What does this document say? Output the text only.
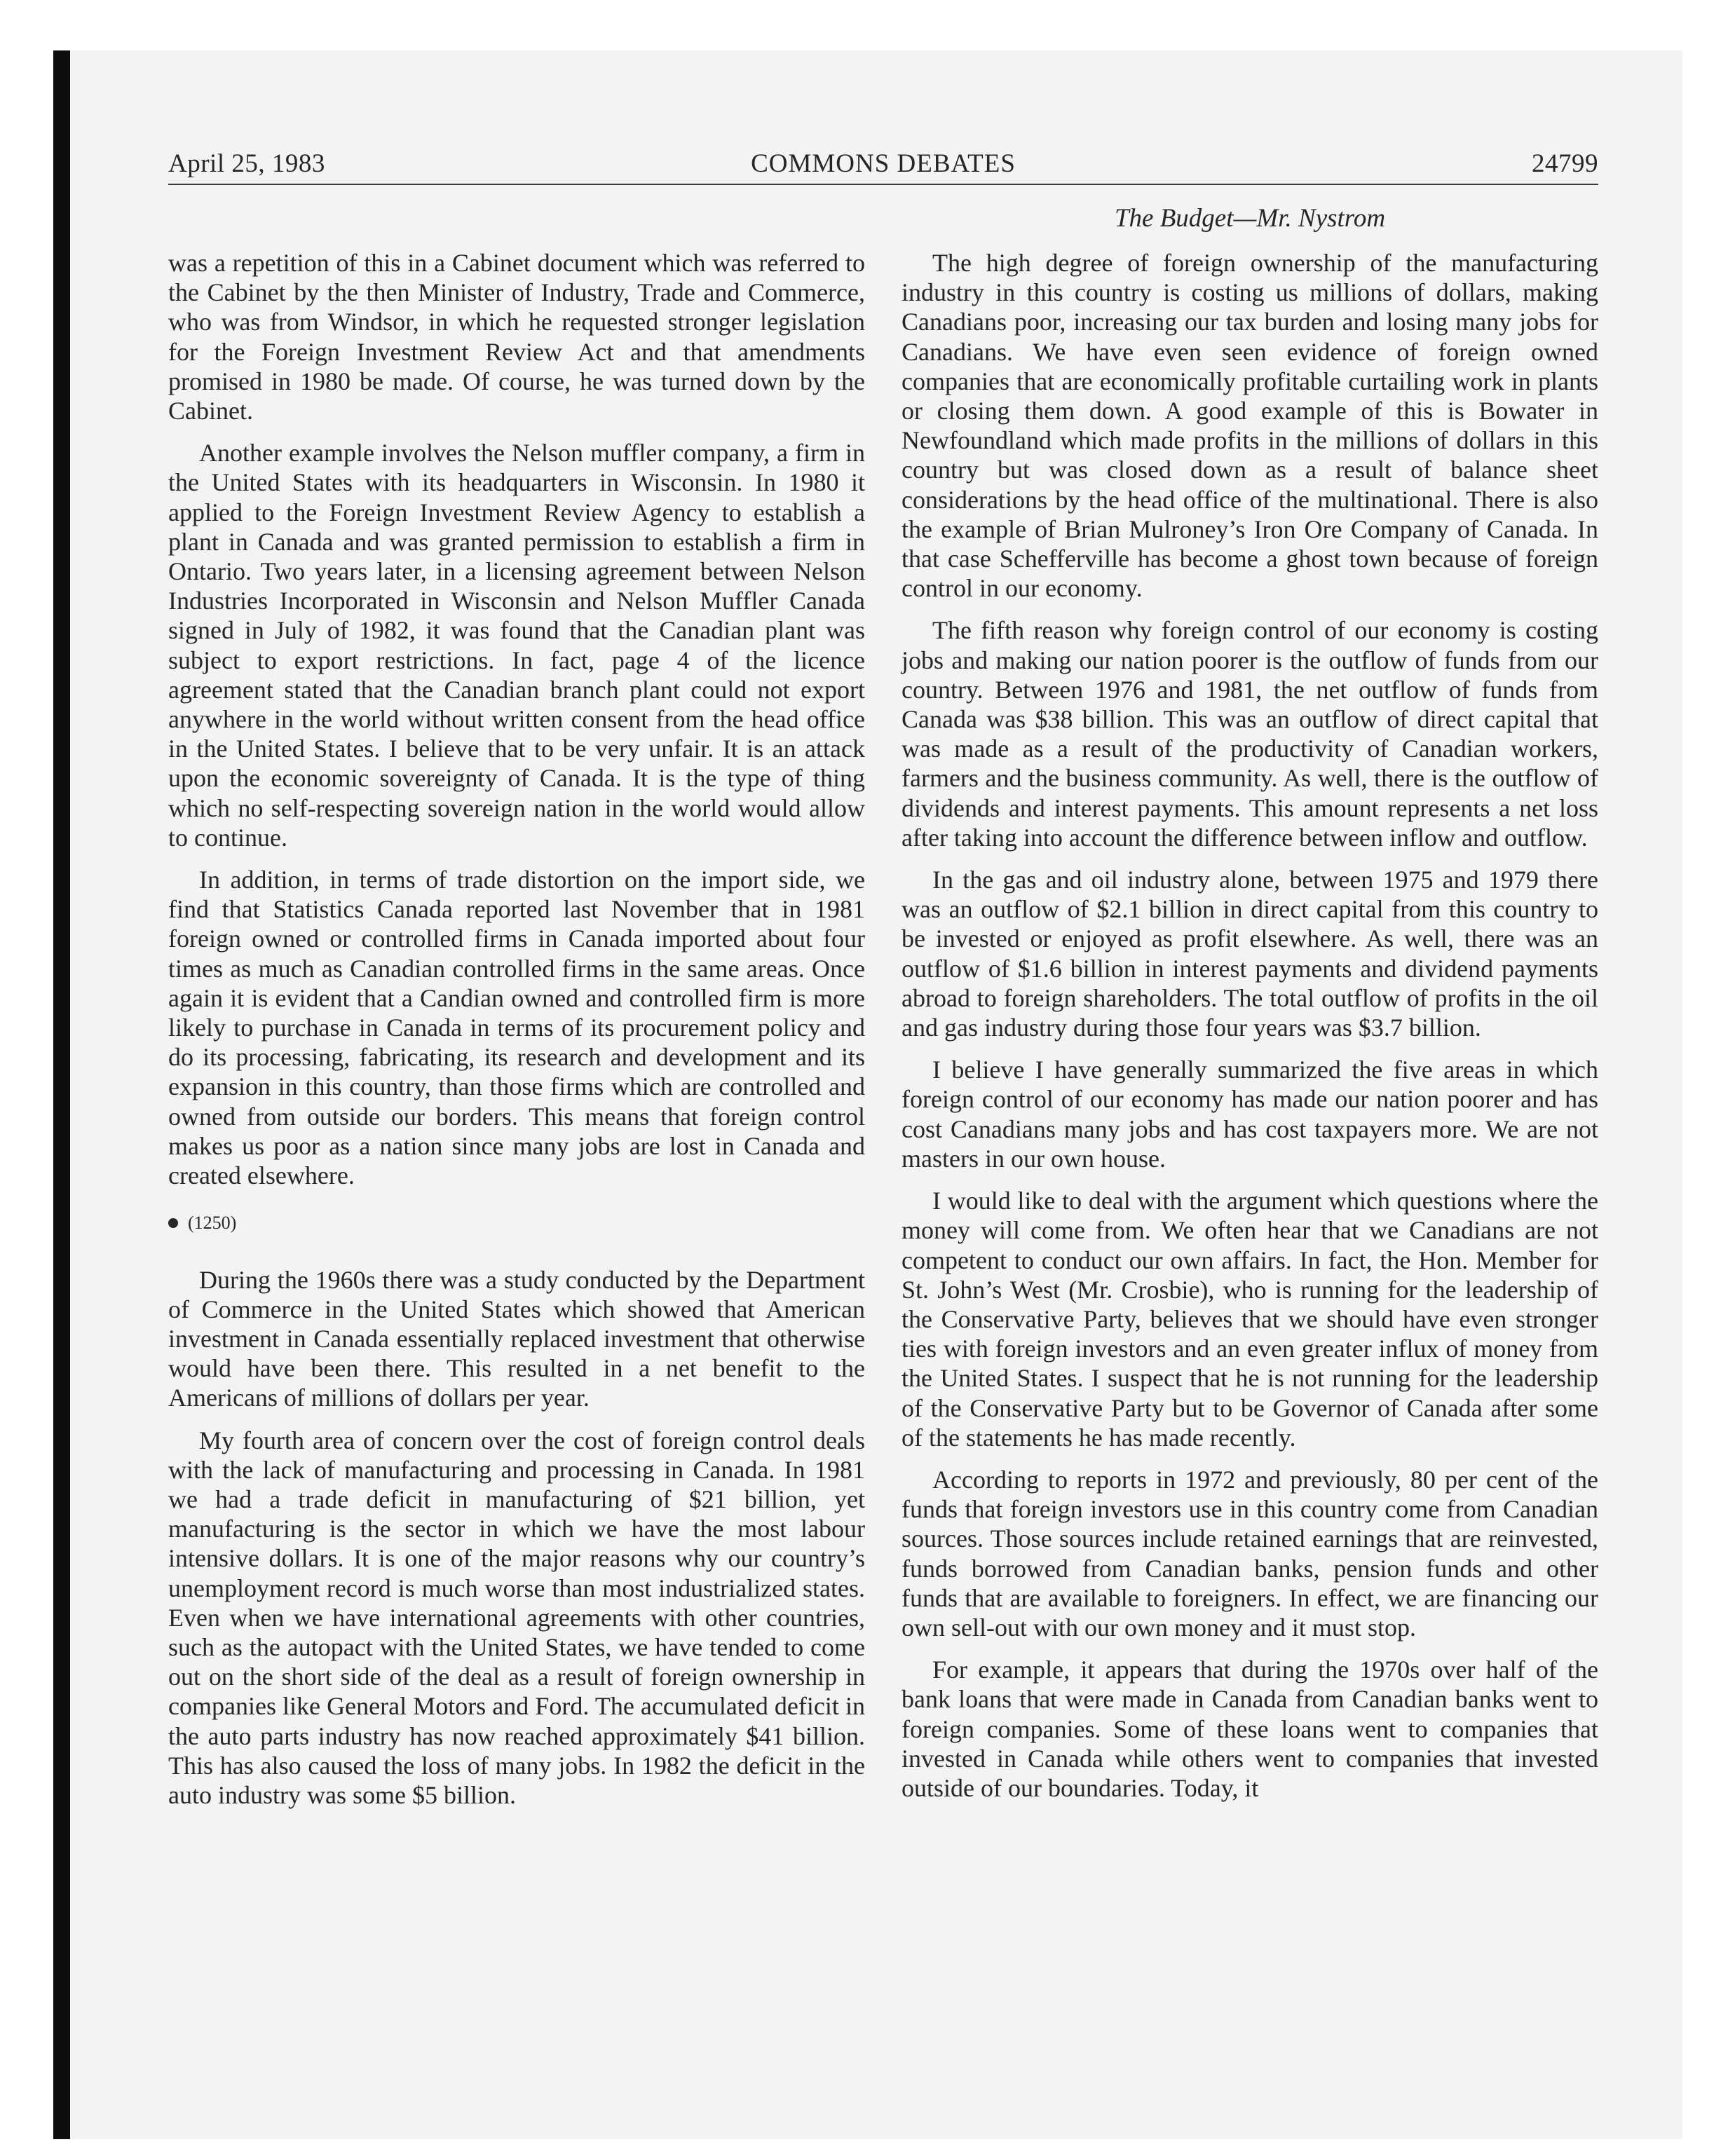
April 25, 1983	COMMONS DEBATES	24799
The Budget—Mr. Nystrom

was a repetition of this in a Cabinet document which was referred to the Cabinet by the then Minister of Industry, Trade and Commerce, who was from Windsor, in which he requested stronger legislation for the Foreign Investment Review Act and that amendments promised in 1980 be made. Of course, he was turned down by the Cabinet.

Another example involves the Nelson muffler company, a firm in the United States with its headquarters in Wisconsin. In 1980 it applied to the Foreign Investment Review Agency to establish a plant in Canada and was granted permission to establish a firm in Ontario. Two years later, in a licensing agreement between Nelson Industries Incorporated in Wisconsin and Nelson Muffler Canada signed in July of 1982, it was found that the Canadian plant was subject to export restrictions. In fact, page 4 of the licence agreement stated that the Canadian branch plant could not export anywhere in the world without written consent from the head office in the United States. I believe that to be very unfair. It is an attack upon the economic sovereignty of Canada. It is the type of thing which no self-respecting sovereign nation in the world would allow to continue.

In addition, in terms of trade distortion on the import side, we find that Statistics Canada reported last November that in 1981 foreign owned or controlled firms in Canada imported about four times as much as Canadian controlled firms in the same areas. Once again it is evident that a Candian owned and controlled firm is more likely to purchase in Canada in terms of its procurement policy and do its processing, fabricating, its research and development and its expansion in this country, than those firms which are controlled and owned from outside our borders. This means that foreign control makes us poor as a nation since many jobs are lost in Canada and created elsewhere.

(1250)

During the 1960s there was a study conducted by the Department of Commerce in the United States which showed that American investment in Canada essentially replaced investment that otherwise would have been there. This resulted in a net benefit to the Americans of millions of dollars per year.

My fourth area of concern over the cost of foreign control deals with the lack of manufacturing and processing in Canada. In 1981 we had a trade deficit in manufacturing of $21 billion, yet manufacturing is the sector in which we have the most labour intensive dollars. It is one of the major reasons why our country’s unemployment record is much worse than most industrialized states. Even when we have international agreements with other countries, such as the autopact with the United States, we have tended to come out on the short side of the deal as a result of foreign ownership in companies like General Motors and Ford. The accumulated deficit in the auto parts industry has now reached approximately $41 billion. This has also caused the loss of many jobs. In 1982 the deficit in the auto industry was some $5 billion.

The high degree of foreign ownership of the manufacturing industry in this country is costing us millions of dollars, making Canadians poor, increasing our tax burden and losing many jobs for Canadians. We have even seen evidence of foreign owned companies that are economically profitable curtailing work in plants or closing them down. A good example of this is Bowater in Newfoundland which made profits in the millions of dollars in this country but was closed down as a result of balance sheet considerations by the head office of the multinational. There is also the example of Brian Mulroney’s Iron Ore Company of Canada. In that case Schefferville has become a ghost town because of foreign control in our economy.

The fifth reason why foreign control of our economy is costing jobs and making our nation poorer is the outflow of funds from our country. Between 1976 and 1981, the net outflow of funds from Canada was $38 billion. This was an outflow of direct capital that was made as a result of the productivity of Canadian workers, farmers and the business community. As well, there is the outflow of dividends and interest payments. This amount represents a net loss after taking into account the difference between inflow and outflow.

In the gas and oil industry alone, between 1975 and 1979 there was an outflow of $2.1 billion in direct capital from this country to be invested or enjoyed as profit elsewhere. As well, there was an outflow of $1.6 billion in interest payments and dividend payments abroad to foreign shareholders. The total outflow of profits in the oil and gas industry during those four years was $3.7 billion.

I believe I have generally summarized the five areas in which foreign control of our economy has made our nation poorer and has cost Canadians many jobs and has cost taxpayers more. We are not masters in our own house.

I would like to deal with the argument which questions where the money will come from. We often hear that we Canadians are not competent to conduct our own affairs. In fact, the Hon. Member for St. John’s West (Mr. Crosbie), who is running for the leadership of the Conservative Party, believes that we should have even stronger ties with foreign investors and an even greater influx of money from the United States. I suspect that he is not running for the leadership of the Conservative Party but to be Governor of Canada after some of the statements he has made recently.

According to reports in 1972 and previously, 80 per cent of the funds that foreign investors use in this country come from Canadian sources. Those sources include retained earnings that are reinvested, funds borrowed from Canadian banks, pension funds and other funds that are available to foreigners. In effect, we are financing our own sell-out with our own money and it must stop.

For example, it appears that during the 1970s over half of the bank loans that were made in Canada from Canadian banks went to foreign companies. Some of these loans went to companies that invested in Canada while others went to companies that invested outside of our boundaries. Today, it
